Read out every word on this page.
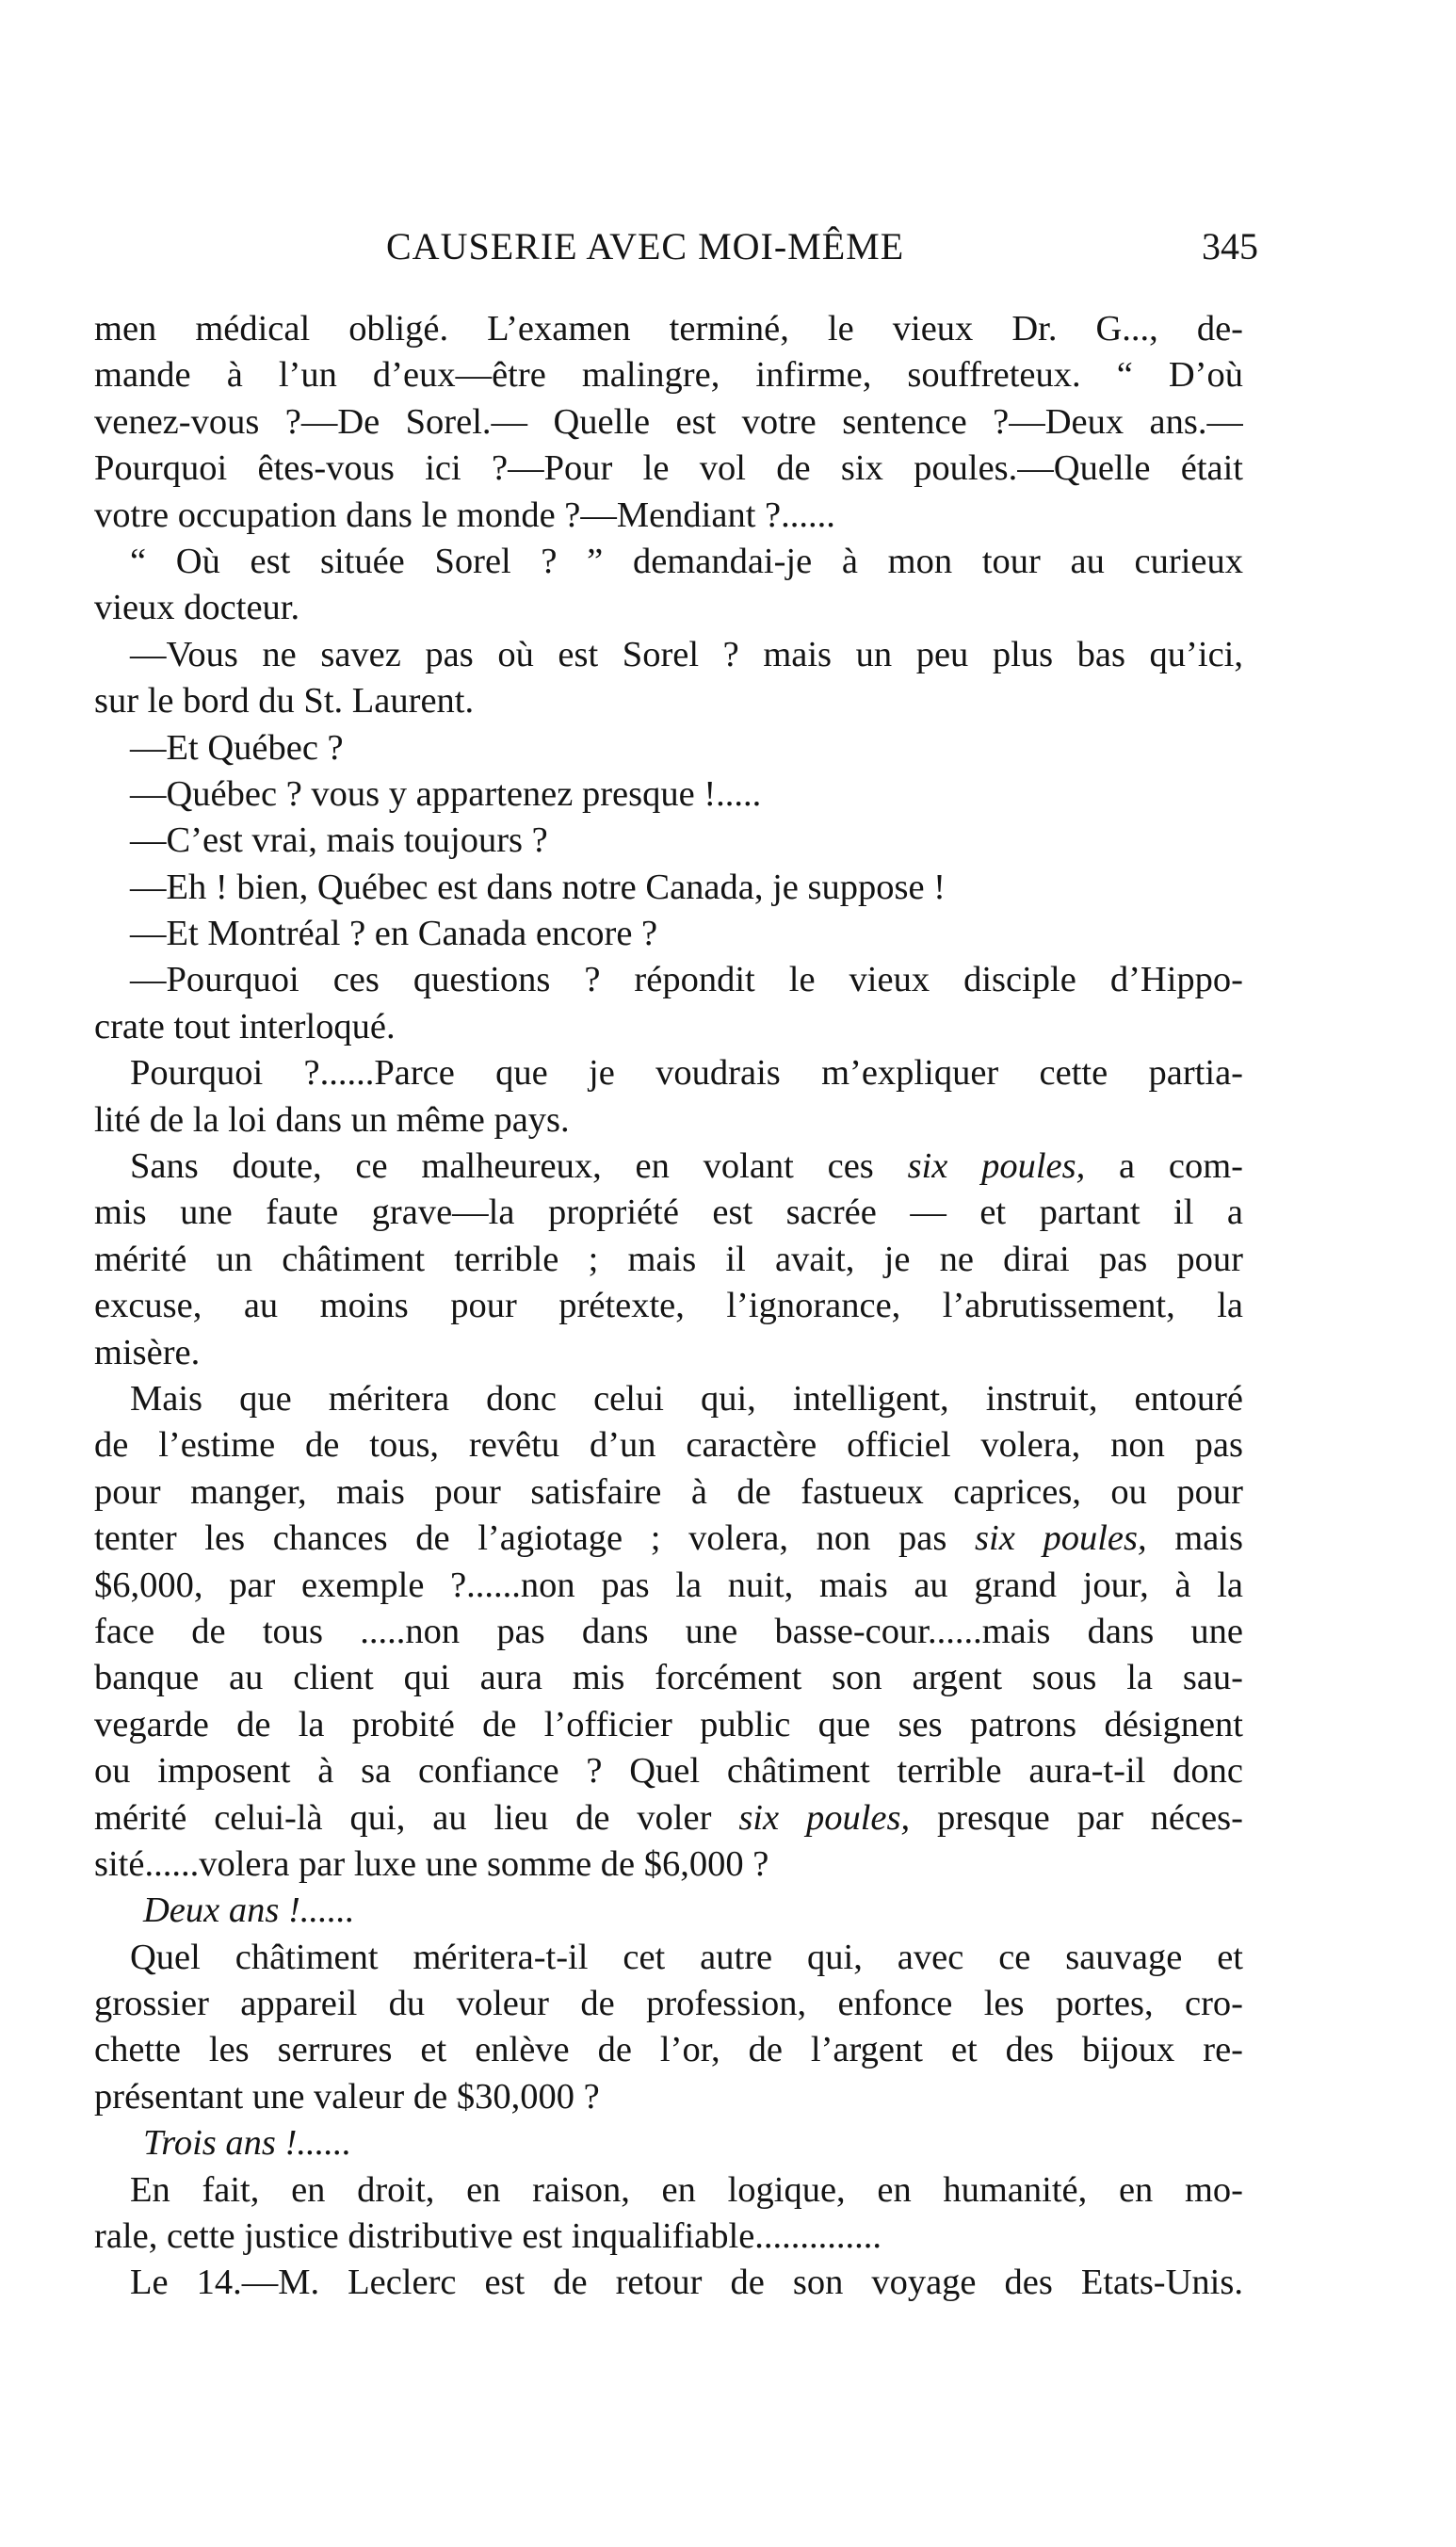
CAUSERIE AVEC MOI-MÊME	345
men médical obligé. L’examen terminé, le vieux Dr. G..., de-
mande à l’un d’eux—être malingre, infirme, souffreteux. “ D’où
venez-vous ?—De Sorel.— Quelle est votre sentence ?—Deux ans.—
Pourquoi êtes-vous ici ?—Pour le vol de six poules.—Quelle était
votre occupation dans le monde ?—Mendiant ?......
“ Où est située Sorel ? ” demandai-je à mon tour au curieux
vieux docteur.
—Vous ne savez pas où est Sorel ? mais un peu plus bas qu’ici,
sur le bord du St. Laurent.
—Et Québec ?
—Québec ? vous y appartenez presque !.....
—C’est vrai, mais toujours ?
—Eh ! bien, Québec est dans notre Canada, je suppose !
—Et Montréal ? en Canada encore ?
—Pourquoi ces questions ? répondit le vieux disciple d’Hippo-
crate tout interloqué.
Pourquoi ?......Parce que je voudrais m’expliquer cette partia-
lité de la loi dans un même pays.
Sans doute, ce malheureux, en volant ces six poules, a com-
mis une faute grave—la propriété est sacrée — et partant il a
mérité un châtiment terrible ; mais il avait, je ne dirai pas pour
excuse, au moins pour prétexte, l’ignorance, l’abrutissement, la
misère.
Mais que méritera donc celui qui, intelligent, instruit, entouré
de l’estime de tous, revêtu d’un caractère officiel volera, non pas
pour manger, mais pour satisfaire à de fastueux caprices, ou pour
tenter les chances de l’agiotage ; volera, non pas six poules, mais
$6,000, par exemple ?......non pas la nuit, mais au grand jour, à la
face de tous .....non pas dans une basse-cour......mais dans une
banque au client qui aura mis forcément son argent sous la sau-
vegarde de la probité de l’officier public que ses patrons désignent
ou imposent à sa confiance ? Quel châtiment terrible aura-t-il donc
mérité celui-là qui, au lieu de voler six poules, presque par néces-
sité......volera par luxe une somme de $6,000 ?
Deux ans !......
Quel châtiment méritera-t-il cet autre qui, avec ce sauvage et
grossier appareil du voleur de profession, enfonce les portes, cro-
chette les serrures et enlève de l’or, de l’argent et des bijoux re-
présentant une valeur de $30,000 ?
Trois ans !......
En fait, en droit, en raison, en logique, en humanité, en mo-
rale, cette justice distributive est inqualifiable..............
Le 14.—M. Leclerc est de retour de son voyage des Etats-Unis.
